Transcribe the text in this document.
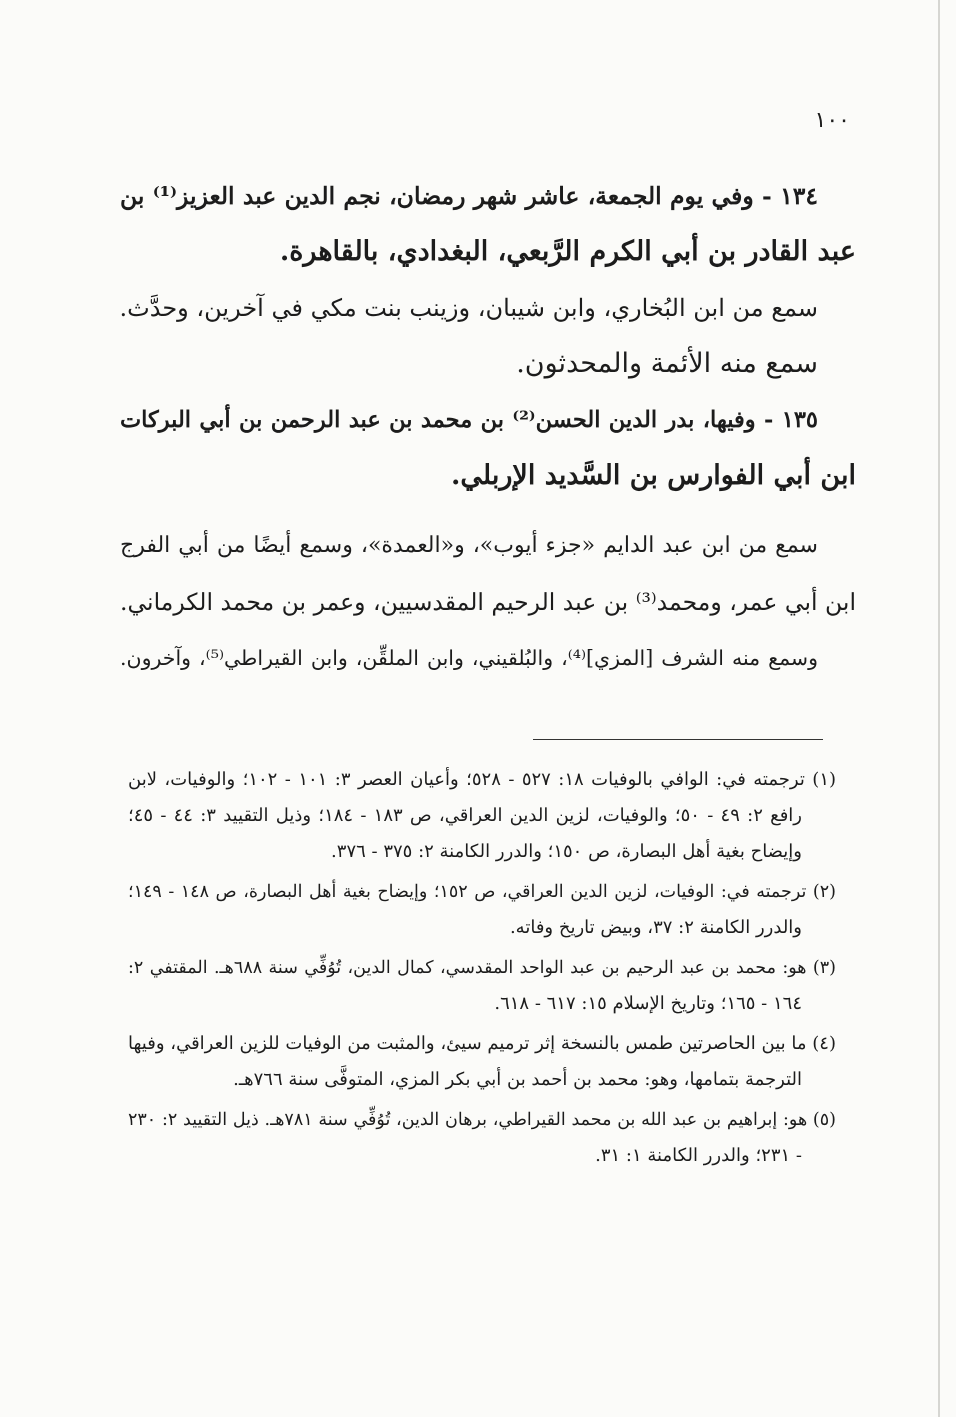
١٠٠
١٣٤ - وفي يوم الجمعة، عاشر شهر رمضان، نجم الدين عبد العزيز⁽¹⁾ بن
عبد القادر بن أبي الكرم الرَّبعي، البغدادي، بالقاهرة.
سمع من ابن البُخاري، وابن شيبان، وزينب بنت مكي في آخرين، وحدَّث.
سمع منه الأئمة والمحدثون.
١٣٥ - وفيها، بدر الدين الحسن⁽²⁾ بن محمد بن عبد الرحمن بن أبي البركات
ابن أبي الفوارس بن السَّديد الإربلي.
سمع من ابن عبد الدايم «جزء أيوب»، و«العمدة»، وسمع أيضًا من أبي الفرج
ابن أبي عمر، ومحمد⁽³⁾ بن عبد الرحيم المقدسيين، وعمر بن محمد الكرماني.
وسمع منه الشرف [المزي]⁽⁴⁾، والبُلقيني، وابن الملقِّن، وابن القيراطي⁽⁵⁾، وآخرون.
(١) ترجمته في: الوافي بالوفيات ١٨: ٥٢٧ - ٥٢٨؛ وأعيان العصر ٣: ١٠١ - ١٠٢؛ والوفيات، لابن
رافع ٢: ٤٩ - ٥٠؛ والوفيات، لزين الدين العراقي، ص ١٨٣ - ١٨٤؛ وذيل التقييد ٣: ٤٤ - ٤٥؛
وإيضاح بغية أهل البصارة، ص ١٥٠؛ والدرر الكامنة ٢: ٣٧٥ - ٣٧٦.
(٢) ترجمته في: الوفيات، لزين الدين العراقي، ص ١٥٢؛ وإيضاح بغية أهل البصارة، ص ١٤٨ - ١٤٩؛
والدرر الكامنة ٢: ٣٧، وبيض تاريخ وفاته.
(٣) هو: محمد بن عبد الرحيم بن عبد الواحد المقدسي، كمال الدين، تُوُفِّي سنة ٦٨٨هـ. المقتفي ٢:
١٦٤ - ١٦٥؛ وتاريخ الإسلام ١٥: ٦١٧ - ٦١٨.
(٤) ما بين الحاصرتين طمس بالنسخة إثر ترميم سيئ، والمثبت من الوفيات للزين العراقي، وفيها
الترجمة بتمامها، وهو: محمد بن أحمد بن أبي بكر المزي، المتوفَّى سنة ٧٦٦هـ.
(٥) هو: إبراهيم بن عبد الله بن محمد القيراطي، برهان الدين، تُوُفِّي سنة ٧٨١هـ. ذيل التقييد ٢: ٢٣٠
- ٢٣١؛ والدرر الكامنة ١: ٣١.
